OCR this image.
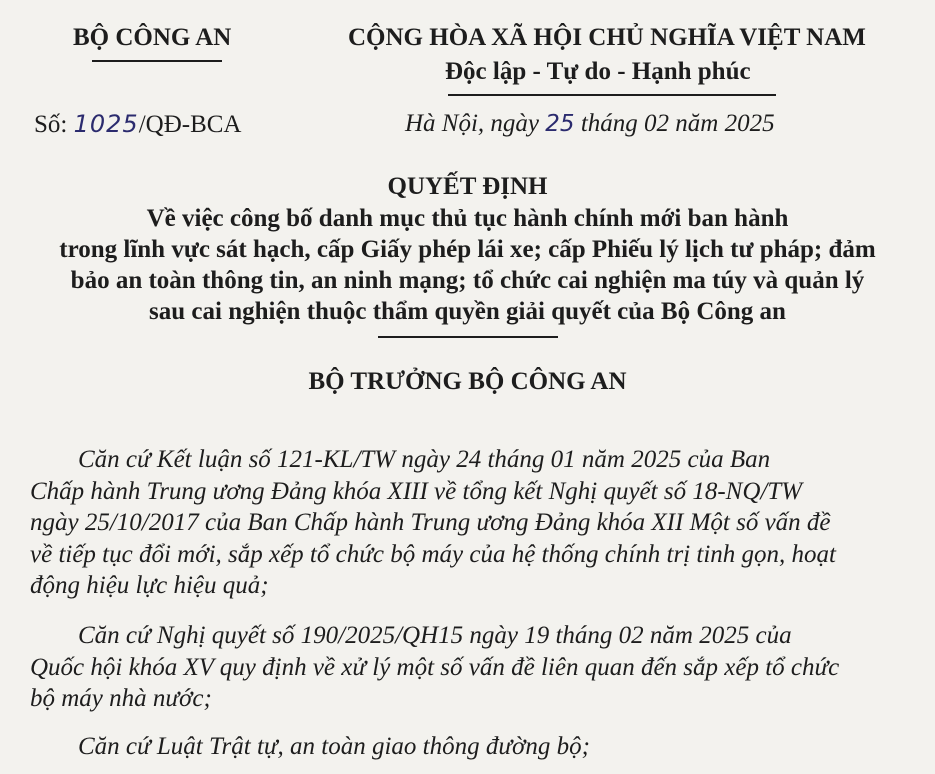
BỘ CÔNG AN	CỘNG HÒA XÃ HỘI CHỦ NGHĨA VIỆT NAM
Độc lập - Tự do - Hạnh phúc
Số: 1025/QĐ-BCA	Hà Nội, ngày 25 tháng 02 năm 2025
QUYẾT ĐỊNH
Về việc công bố danh mục thủ tục hành chính mới ban hành
trong lĩnh vực sát hạch, cấp Giấy phép lái xe; cấp Phiếu lý lịch tư pháp; đảm
bảo an toàn thông tin, an ninh mạng; tổ chức cai nghiện ma túy và quản lý
sau cai nghiện thuộc thẩm quyền giải quyết của Bộ Công an
BỘ TRƯỞNG BỘ CÔNG AN
Căn cứ Kết luận số 121-KL/TW ngày 24 tháng 01 năm 2025 của Ban
Chấp hành Trung ương Đảng khóa XIII về tổng kết Nghị quyết số 18-NQ/TW
ngày 25/10/2017 của Ban Chấp hành Trung ương Đảng khóa XII Một số vấn đề
về tiếp tục đổi mới, sắp xếp tổ chức bộ máy của hệ thống chính trị tinh gọn, hoạt
động hiệu lực hiệu quả;
Căn cứ Nghị quyết số 190/2025/QH15 ngày 19 tháng 02 năm 2025 của
Quốc hội khóa XV quy định về xử lý một số vấn đề liên quan đến sắp xếp tổ chức
bộ máy nhà nước;
Căn cứ Luật Trật tự, an toàn giao thông đường bộ;
